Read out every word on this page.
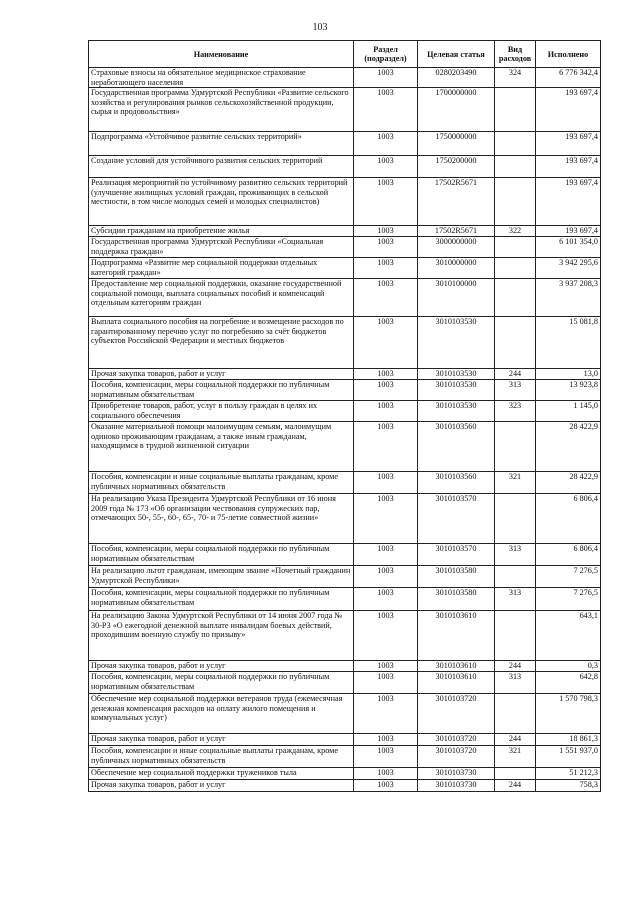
103
Наименование	Раздел (подраздел)	Целевая статья	Вид расходов	Исполнено
Страховые взносы на обязательное медицинское страхование неработающего населения	1003	0280203490	324	6 776 342,4
Государственная программа Удмуртской Республики «Развитие сельского хозяйства и регулирования рынков сельскохозяйственной продукции, сырья и продовольствия»	1003	1700000000		193 697,4
Подпрограмма «Устойчивое развитие сельских территорий»	1003	1750000000		193 697,4
Создание условий для устойчивого развития сельских территорий	1003	1750200000		193 697,4
Реализация мероприятий по устойчивому развитию сельских территорий (улучшение жилищных условий граждан, проживающих в сельской местности, в том числе молодых семей и молодых специалистов)	1003	17502R5671		193 697,4
Субсидии гражданам на приобретение жилья	1003	17502R5671	322	193 697,4
Государственная программа Удмуртской Республики «Социальная поддержка граждан»	1003	3000000000		6 101 354,0
Подпрограмма «Развитие мер социальной поддержки отдельных категорий граждан»	1003	3010000000		3 942 295,6
Предоставление мер социальной поддержки, оказание государственной социальной помощи, выплата социальных пособий и компенсаций отдельным категориям граждан	1003	3010100000		3 937 208,3
Выплата социального пособия на погребение и возмещение расходов по гарантированному перечню услуг по погребению за счёт бюджетов субъектов Российской Федерации и местных бюджетов	1003	3010103530		15 081,8
Прочая закупка товаров, работ и услуг	1003	3010103530	244	13,0
Пособия, компенсации, меры социальной поддержки по публичным нормативным обязательствам	1003	3010103530	313	13 923,8
Приобретение товаров, работ, услуг в пользу граждан в целях их социального обеспечения	1003	3010103530	323	1 145,0
Оказание материальной помощи малоимущим семьям, малоимущим одиноко проживающим гражданам, а также иным гражданам, находящимся в трудной жизненной ситуации	1003	3010103560		28 422,9
Пособия, компенсации и иные социальные выплаты гражданам, кроме публичных нормативных обязательств	1003	3010103560	321	28 422,9
На реализацию Указа Президента Удмуртской Республики от 16 июня 2009 года № 173 «Об организации чествования супружеских пар, отмечающих 50-, 55-, 60-, 65-, 70- и 75-летие совместной жизни»	1003	3010103570		6 806,4
Пособия, компенсации, меры социальной поддержки по публичным нормативным обязательствам	1003	3010103570	313	6 806,4
На реализацию льгот гражданам, имеющим звание «Почетный гражданин Удмуртской Республики»	1003	3010103580		7 276,5
Пособия, компенсации, меры социальной поддержки по публичным нормативным обязательствам	1003	3010103580	313	7 276,5
На реализацию Закона Удмуртской Республики от 14 июня 2007 года № 30-РЗ «О ежегодной денежной выплате инвалидам боевых действий, проходившим военную службу по призыву»	1003	3010103610		643,1
Прочая закупка товаров, работ и услуг	1003	3010103610	244	0,3
Пособия, компенсации, меры социальной поддержки по публичным нормативным обязательствам	1003	3010103610	313	642,8
Обеспечение мер социальной поддержки ветеранов труда (ежемесячная денежная компенсация расходов на оплату жилого помещения и коммунальных услуг)	1003	3010103720		1 570 798,3
Прочая закупка товаров, работ и услуг	1003	3010103720	244	18 861,3
Пособия, компенсации и иные социальные выплаты гражданам, кроме публичных нормативных обязательств	1003	3010103720	321	1 551 937,0
Обеспечение мер социальной поддержки тружеников тыла	1003	3010103730		51 212,3
Прочая закупка товаров, работ и услуг	1003	3010103730	244	758,3
